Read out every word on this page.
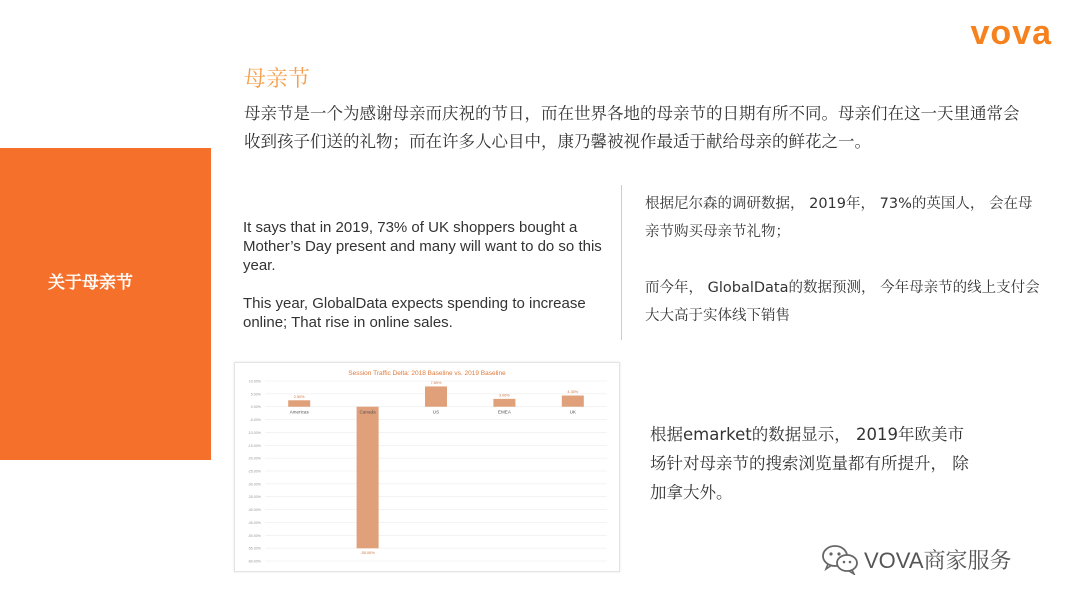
vova
关于母亲节
母亲节
母亲节是一个为感谢母亲而庆祝的节日，而在世界各地的母亲节的日期有所不同。母亲们在这一天里通常会收到孩子们送的礼物；而在许多人心目中，康乃馨被视作最适于献给母亲的鲜花之一。

It says that in 2019, 73% of UK shoppers bought a Mother’s Day present and many will want to do so this year.

This year, GlobalData expects spending to increase online; That rise in online sales.

根据尼尔森的调研数据， 2019年， 73%的英国人， 会在母亲节购买母亲节礼物；

而今年， GlobalData的数据预测， 今年母亲节的线上支付会大大高于实体线下销售

Session Traffic Delta: 2018 Baseline vs. 2019 Baseline
10.00%
5.00%
0.00%
-5.00%
-10.00%
-15.00%
-20.00%
-25.00%
-30.00%
-35.00%
-40.00%
-45.00%
-50.00%
-55.00%
-60.00%
2.50%
Americas
-55.06%
Canada
7.89%
US
3.06%
EMEA
4.35%
UK
根据emarket的数据显示， 2019年欧美市场针对母亲节的搜索浏览量都有所提升， 除加拿大外。
VOVA商家服务
